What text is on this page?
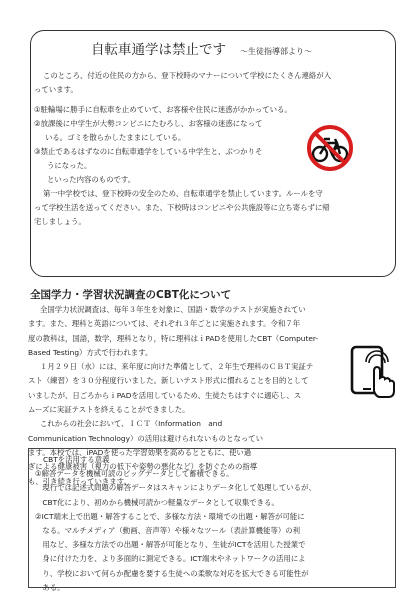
自転車通学は禁止です ～生徒指導部より～
このところ、付近の住民の方から、登下校時のマナーについて学校にたくさん連絡が入
っています。
①駐輪場に勝手に自転車を止めていて、お客様や住民に迷惑がかかっている。
②放課後に中学生が大勢コンビニにたむろし、お客様の迷惑になって
いる。ゴミを散らかしたままにしている。
③禁止であるはずなのに自転車通学をしている中学生と、ぶつかりそ
うになった。
といった内容のものです。
第一中学校では、登下校時の安全のため、自転車通学を禁止しています。ルールを守
って学校生活を送ってください。また、下校時はコンビニや公共施設等に立ち寄らずに帰
宅しましょう。
全国学力・学習状況調査のCBT化について
全国学力状況調査は、毎年３年生を対象に、国語・数学のテストが実施されてい
ます。また、理科と英語については、それぞれ３年ごとに実施されます。令和７年
度の教科は，国語，数学，理科となり，特に理科はｉPADを使用したCBT（Computer-
Based Testing）方式で行われます。
１月２９日（水）には、来年度に向けた準備として、２年生で理科のＣＢＴ実証テ
スト（練習）を３０分程度行いました。新しいテスト形式に慣れることを目的として
いましたが、日ごろからｉPADを活用しているため、生徒たちはすぐに適応し、ス
ムーズに実証テストを終えることができました。
これからの社会において、ＩＣＴ（Information and
Communication Technology）の活用は避けられないものとなってい
ます。本校では、iPADを使った学習効果を高めるとともに、使い過
ぎによる健康被害（視力の低下や姿勢の悪化など）を防ぐための指導
も、引き続き行っていきます。
CBTを活用する意義
①解答データを機械可読のビッグデータとして蓄積できる。
　現行では記述式問題の解答データはスキャンによりデータ化して処理しているが、
　CBT化により、初めから機械可読かつ軽量なデータとして収集できる。
②ICT端末上で出題・解答することで、多様な方法・環境での出題・解答が可能に
　なる。マルチメディア（動画、音声等）や様々なツール（表計算機能等）の利
　用など、多様な方法での出題・解答が可能となり、生徒がICTを活用した授業で
　身に付けた力を、より多面的に測定できる。ICT端末やネットワークの活用によ
　り、学校において何らか配慮を要する生徒への柔軟な対応を拡大できる可能性が
　ある。
